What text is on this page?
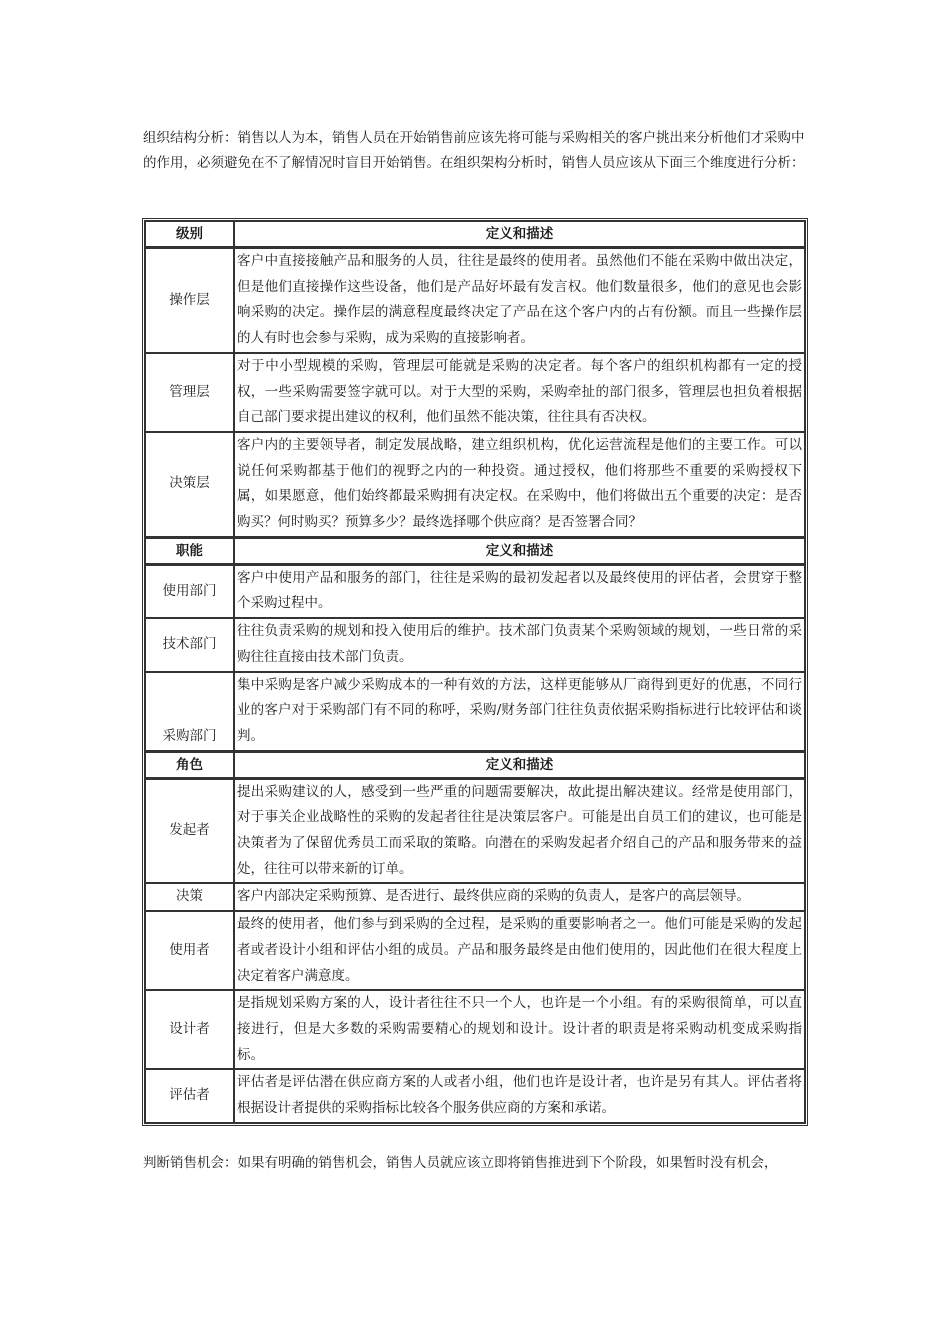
组织结构分析：销售以人为本，销售人员在开始销售前应该先将可能与采购相关的客户挑出来分析他们才采购中的作用，必须避免在不了解情况时盲目开始销售。在组织架构分析时，销售人员应该从下面三个维度进行分析：

级别	定义和描述
操作层	客户中直接接触产品和服务的人员，往往是最终的使用者。虽然他们不能在采购中做出决定，但是他们直接操作这些设备，他们是产品好坏最有发言权。他们数量很多，他们的意见也会影响采购的决定。操作层的满意程度最终决定了产品在这个客户内的占有份额。而且一些操作层的人有时也会参与采购，成为采购的直接影响者。
管理层	对于中小型规模的采购，管理层可能就是采购的决定者。每个客户的组织机构都有一定的授权，一些采购需要签字就可以。对于大型的采购，采购牵扯的部门很多，管理层也担负着根据自己部门要求提出建议的权利，他们虽然不能决策，往往具有否决权。
决策层	客户内的主要领导者，制定发展战略，建立组织机构，优化运营流程是他们的主要工作。可以说任何采购都基于他们的视野之内的一种投资。通过授权，他们将那些不重要的采购授权下属，如果愿意，他们始终都最采购拥有决定权。在采购中，他们将做出五个重要的决定：是否购买？何时购买？预算多少？最终选择哪个供应商？是否签署合同？
职能	定义和描述
使用部门	客户中使用产品和服务的部门，往往是采购的最初发起者以及最终使用的评估者，会贯穿于整个采购过程中。
技术部门	往往负责采购的规划和投入使用后的维护。技术部门负责某个采购领域的规划，一些日常的采购往往直接由技术部门负责。
采购部门	集中采购是客户减少采购成本的一种有效的方法，这样更能够从厂商得到更好的优惠，不同行业的客户对于采购部门有不同的称呼，采购/财务部门往往负责依据采购指标进行比较评估和谈判。
角色	定义和描述
发起者	提出采购建议的人，感受到一些严重的问题需要解决，故此提出解决建议。经常是使用部门，对于事关企业战略性的采购的发起者往往是决策层客户。可能是出自员工们的建议，也可能是决策者为了保留优秀员工而采取的策略。向潜在的采购发起者介绍自己的产品和服务带来的益处，往往可以带来新的订单。
决策	客户内部决定采购预算、是否进行、最终供应商的采购的负责人，是客户的高层领导。
使用者	最终的使用者，他们参与到采购的全过程，是采购的重要影响者之一。他们可能是采购的发起者或者设计小组和评估小组的成员。产品和服务最终是由他们使用的，因此他们在很大程度上决定着客户满意度。
设计者	是指规划采购方案的人，设计者往往不只一个人，也许是一个小组。有的采购很简单，可以直接进行，但是大多数的采购需要精心的规划和设计。设计者的职责是将采购动机变成采购指标。
评估者	评估者是评估潜在供应商方案的人或者小组，他们也许是设计者，也许是另有其人。评估者将根据设计者提供的采购指标比较各个服务供应商的方案和承诺。

判断销售机会：如果有明确的销售机会，销售人员就应该立即将销售推进到下个阶段，如果暂时没有机会，
